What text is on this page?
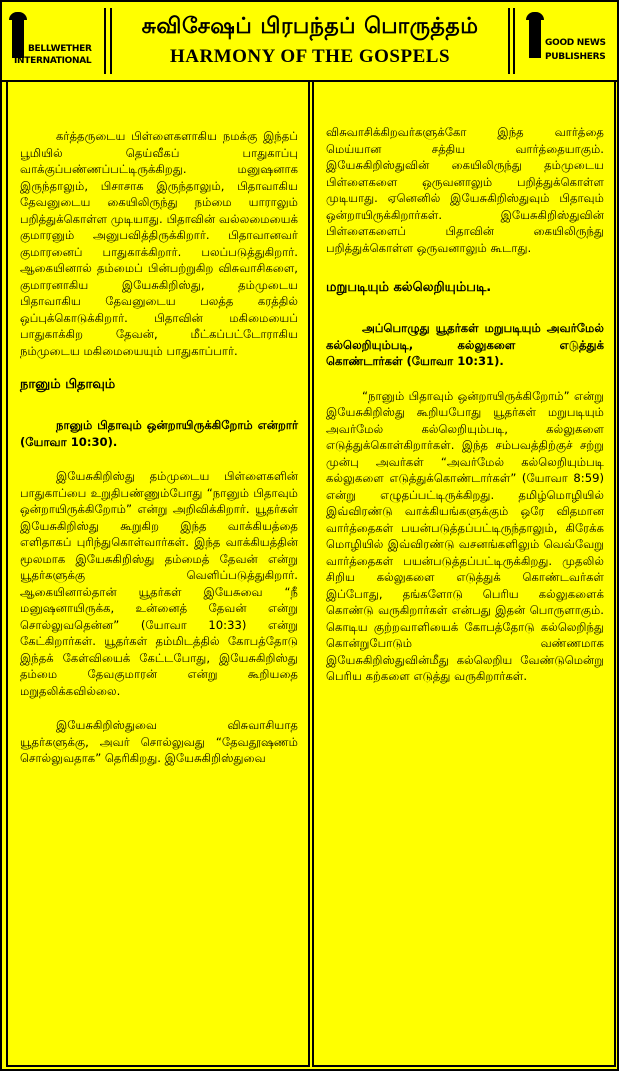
BELLWETHER
INTERNATIONAL
சுவிசேஷப் பிரபந்தப் பொருத்தம்
HARMONY OF THE GOSPELS
GOOD NEWS
PUBLISHERS

கர்த்தருடைய பிள்ளைகளாகிய நமக்கு இந்தப் பூமியில் தெய்வீகப் பாதுகாப்பு வாக்குப்பண்ணப்பட்டிருக்கிறது. மனுஷனாக இருந்தாலும், பிசாசாக இருந்தாலும், பிதாவாகிய தேவனுடைய கையிலிருந்து நம்மை யாராலும் பறித்துக்கொள்ள முடியாது. பிதாவின் வல்லமையைக் குமாரனும் அனுபவித்திருக்கிறார். பிதாவானவர் குமாரனைப் பாதுகாக்கிறார். பலப்படுத்துகிறார். ஆகையினால் தம்மைப் பின்பற்றுகிற விசுவாசிகளை, குமாரனாகிய இயேசுகிறிஸ்து, தம்முடைய பிதாவாகிய தேவனுடைய பலத்த கரத்தில் ஒப்புக்கொடுக்கிறார். பிதாவின் மகிமையைப் பாதுகாக்கிற தேவன், மீட்கப்பட்டோராகிய நம்முடைய மகிமையையும் பாதுகாப்பார்.

நானும் பிதாவும்
நானும் பிதாவும் ஒன்றாயிருக்கிறோம் என்றார் (யோவா 10:30).

இயேசுகிறிஸ்து தம்முடைய பிள்ளைகளின் பாதுகாப்பை உறுதிபண்ணும்போது “நானும் பிதாவும் ஒன்றாயிருக்கிறோம்” என்று அறிவிக்கிறார். யூதர்கள் இயேசுகிறிஸ்து கூறுகிற இந்த வாக்கியத்தை எளிதாகப் புரிந்துகொள்வார்கள். இந்த வாக்கியத்தின் மூலமாக இயேசுகிறிஸ்து தம்மைத் தேவன் என்று யூதர்களுக்கு வெளிப்படுத்துகிறார். ஆகையினால்தான் யூதர்கள் இயேசுவை “நீ மனுஷனாயிருக்க, உன்னைத் தேவன் என்று சொல்லுவதென்ன” (யோவா 10:33) என்று கேட்கிறார்கள். யூதர்கள் தம்மிடத்தில் கோபத்தோடு இந்தக் கேள்வியைக் கேட்டபோது, இயேசுகிறிஸ்து தம்மை தேவகுமாரன் என்று கூறியதை மறுதலிக்கவில்லை.

இயேசுகிறிஸ்துவை விசுவாசியாத யூதர்களுக்கு, அவர் சொல்லுவது “தேவதூஷணம் சொல்லுவதாக” தெரிகிறது. இயேசுகிறிஸ்துவை

விசுவாசிக்கிறவர்களுக்கோ இந்த வார்த்தை மெய்யான சத்திய வார்த்தையாகும். இயேசுகிறிஸ்துவின் கையிலிருந்து தம்முடைய பிள்ளைகளை ஒருவனாலும் பறித்துக்கொள்ள முடியாது. ஏனெனில் இயேசுகிறிஸ்துவும் பிதாவும் ஒன்றாயிருக்கிறார்கள். இயேசுகிறிஸ்துவின் பிள்ளைகளைப் பிதாவின் கையிலிருந்து பறித்துக்கொள்ள ஒருவனாலும் கூடாது.

மறுபடியும் கல்லெறியும்படி.
அப்பொழுது யூதர்கள் மறுபடியும் அவர்மேல் கல்லெறியும்படி, கல்லுகளை எடுத்துக் கொண்டார்கள் (யோவா 10:31).

“நானும் பிதாவும் ஒன்றாயிருக்கிறோம்” என்று இயேசுகிறிஸ்து கூறியபோது யூதர்கள் மறுபடியும் அவர்மேல் கல்லெறியும்படி, கல்லுகளை எடுத்துக்கொள்கிறார்கள். இந்த சம்பவத்திற்குச் சற்று முன்பு அவர்கள் “அவர்மேல் கல்லெறியும்படி கல்லுகளை எடுத்துக்கொண்டார்கள்” (யோவா 8:59) என்று எழுதப்பட்டிருக்கிறது. தமிழ்மொழியில் இவ்விரண்டு வாக்கியங்களுக்கும் ஒரே விதமான வார்த்தைகள் பயன்படுத்தப்பட்டிருந்தாலும், கிரேக்க மொழியில் இவ்விரண்டு வசனங்களிலும் வெவ்வேறு வார்த்தைகள் பயன்படுத்தப்பட்டிருக்கிறது. முதலில் சிறிய கல்லுகளை எடுத்துக் கொண்டவர்கள் இப்போது, தங்களோடு பெரிய கல்லுகளைக் கொண்டு வருகிறார்கள் என்பது இதன் பொருளாகும். கொடிய குற்றவாளியைக் கோபத்தோடு கல்லெறிந்து கொன்றுபோடும் வண்ணமாக இயேசுகிறிஸ்துவின்மீது கல்லெறிய வேண்டுமென்று பெரிய கற்களை எடுத்து வருகிறார்கள்.
